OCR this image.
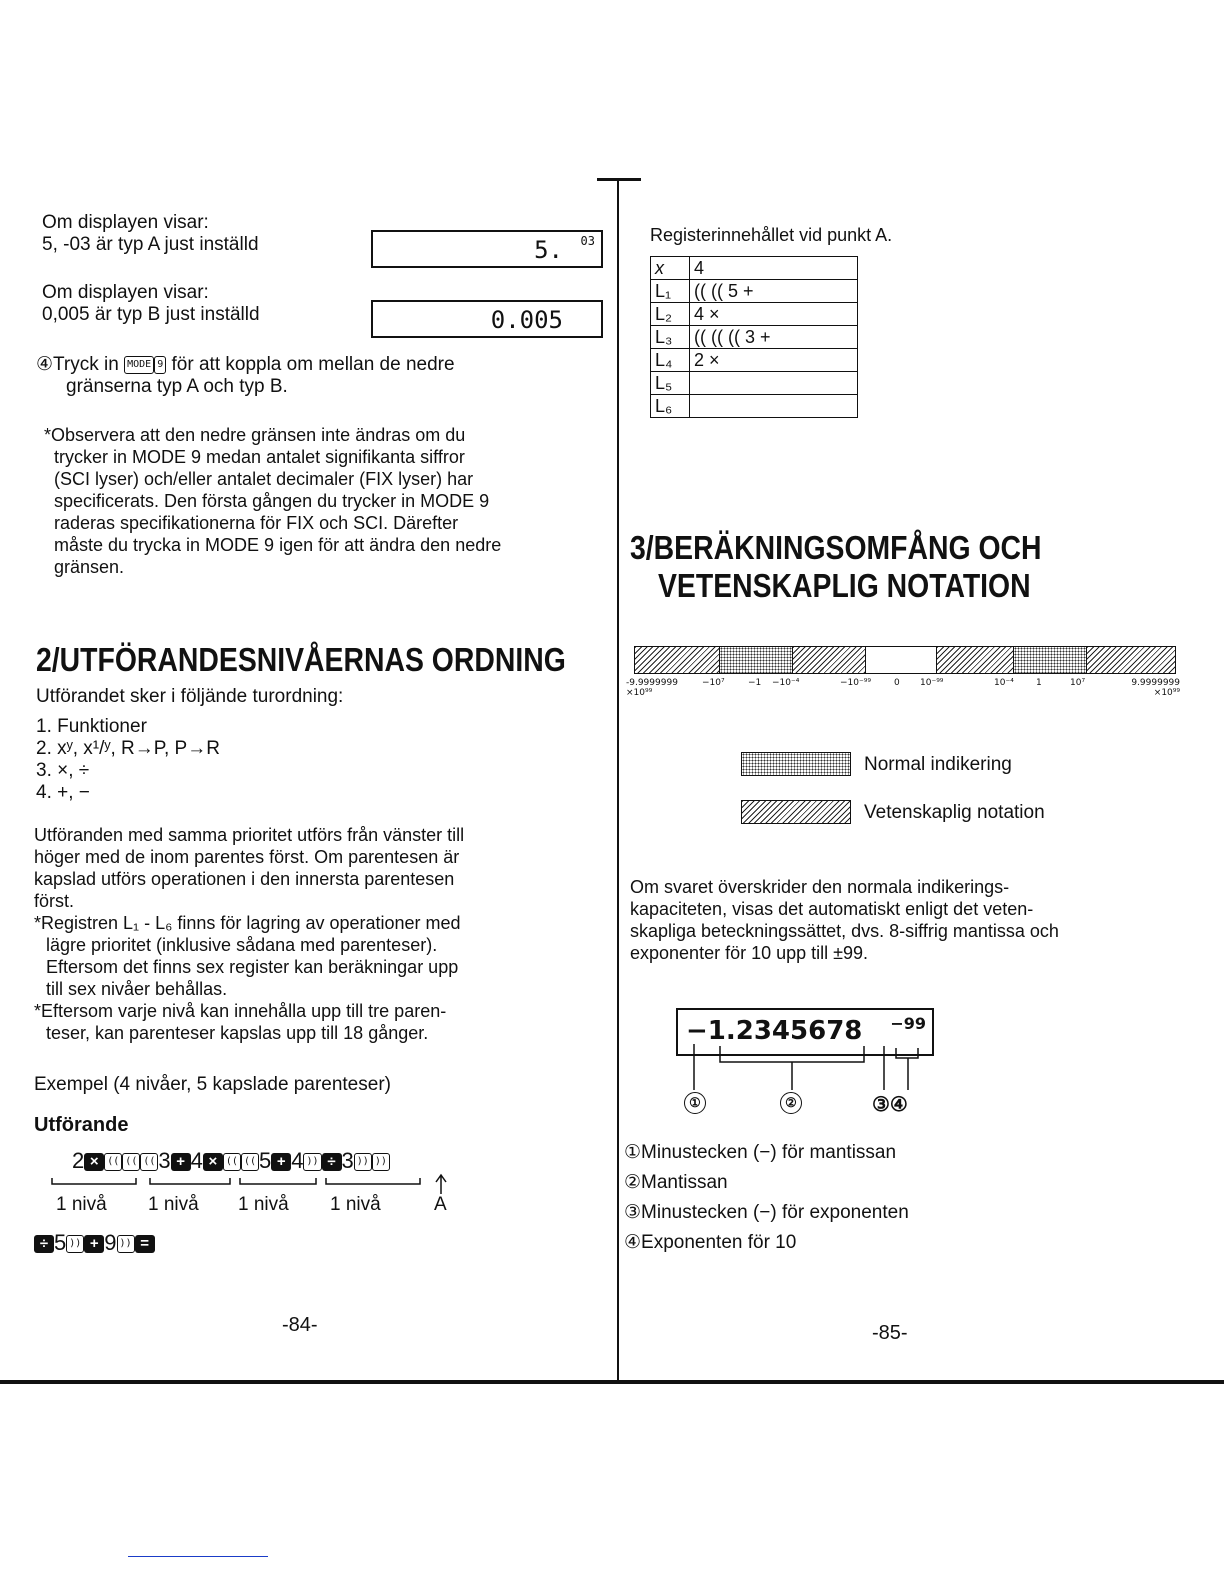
Om displayen visar:
5, -03 är typ A just inställd	5. 03
Om displayen visar:
0,005 är typ B just inställd	0.005
④Tryck in MODE 9 för att koppla om mellan de nedre
gränserna typ A och typ B.
*Observera att den nedre gränsen inte ändras om du
trycker in MODE 9 medan antalet signifikanta siffror
(SCI lyser) och/eller antalet decimaler (FIX lyser) har
specificerats. Den första gången du trycker in MODE 9
raderas specifikationerna för FIX och SCI. Därefter
måste du trycka in MODE 9 igen för att ändra den nedre
gränsen.
2/UTFÖRANDESNIVÅERNAS ORDNING
Utförandet sker i följände turordning:
1. Funktioner
2. xʸ, x¹/ʸ, R→P, P→R
3. ×, ÷
4. +, −
Utföranden med samma prioritet utförs från vänster till
höger med de inom parentes först. Om parentesen är
kapslad utförs operationen i den innersta parentesen
först.
*Registren L₁ - L₆ finns för lagring av operationer med
lägre prioritet (inklusive sådana med parenteser).
Eftersom det finns sex register kan beräkningar upp
till sex nivåer behållas.
*Eftersom varje nivå kan innehålla upp till tre paren-
teser, kan parenteser kapslas upp till 18 gånger.
Exempel (4 nivåer, 5 kapslade parenteser)
Utförande
2 × (( (( (( 3 + 4 × (( (( 5 + 4 )) ÷ 3 )) ))
1 nivå 1 nivå 1 nivå 1 nivå	A
÷ 5 )) + 9 )) =
-84-
Registerinnehållet vid punkt A.
x	4
L₁	(( (( 5 +
L₂	4 ×
L₃	(( (( (( 3 +
L₄	2 ×
L₅	
L₆	
3/BERÄKNINGSOMFÅNG OCH
VETENSKAPLIG NOTATION
-9.9999999 ×10⁹⁹
−10⁷	−1 −10⁻⁴	−10⁻⁹⁹	0 10⁻⁹⁹	10⁻⁴ 1	10⁷	9.9999999 ×10⁹⁹
Normal indikering
Vetenskaplig notation
Om svaret överskrider den normala indikerings-
kapaciteten, visas det automatiskt enligt det veten-
skapliga beteckningssättet, dvs. 8-siffrig mantissa och
exponenter för 10 upp till ±99.
−1.2345678 −99
①	②	③④
①Minustecken (−) för mantissan
②Mantissan
③Minustecken (−) för exponenten
④Exponenten för 10
-85-
